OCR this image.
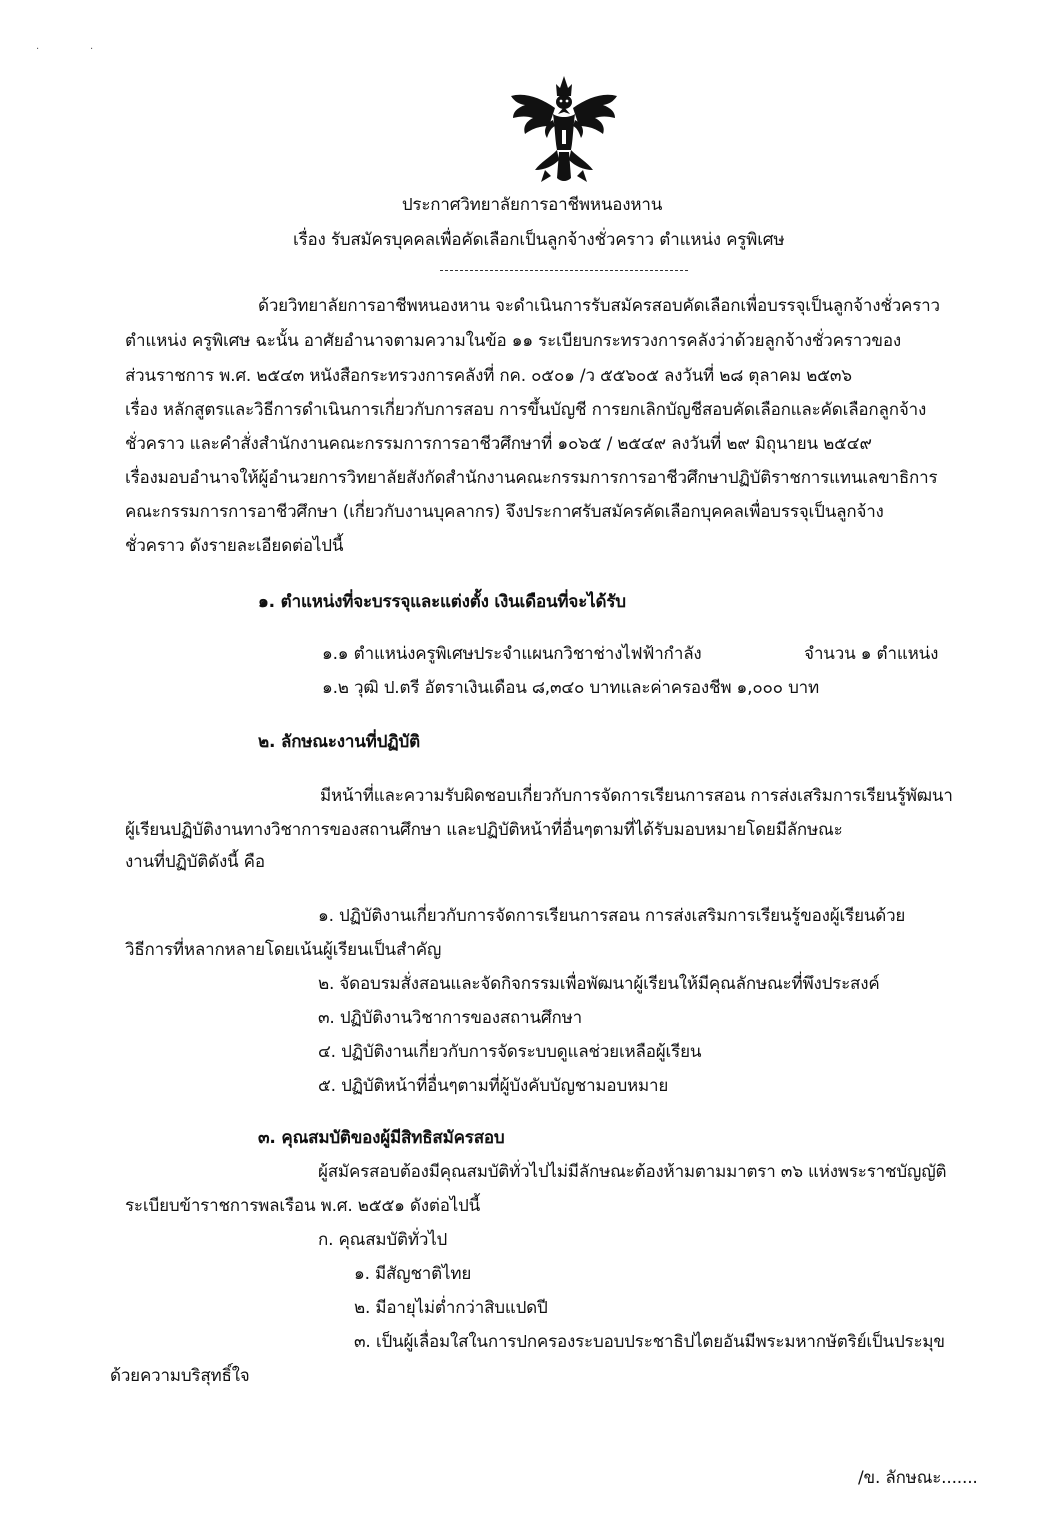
·                ·
ประกาศวิทยาลัยการอาชีพหนองหาน
เรื่อง รับสมัครบุคคลเพื่อคัดเลือกเป็นลูกจ้างชั่วคราว ตำแหน่ง ครูพิเศษ
ด้วยวิทยาลัยการอาชีพหนองหาน จะดำเนินการรับสมัครสอบคัดเลือกเพื่อบรรจุเป็นลูกจ้างชั่วคราว
ตำแหน่ง ครูพิเศษ ฉะนั้น อาศัยอำนาจตามความในข้อ ๑๑ ระเบียบกระทรวงการคลังว่าด้วยลูกจ้างชั่วคราวของ
ส่วนราชการ พ.ศ. ๒๕๔๓ หนังสือกระทรวงการคลังที่ กค. ๐๕๐๑ /ว ๕๕๖๐๕ ลงวันที่ ๒๘ ตุลาคม ๒๕๓๖
เรื่อง หลักสูตรและวิธีการดำเนินการเกี่ยวกับการสอบ การขึ้นบัญชี การยกเลิกบัญชีสอบคัดเลือกและคัดเลือกลูกจ้าง
ชั่วคราว และคำสั่งสำนักงานคณะกรรมการการอาชีวศึกษาที่ ๑๐๖๕ / ๒๕๔๙ ลงวันที่ ๒๙ มิถุนายน ๒๕๔๙
เรื่องมอบอำนาจให้ผู้อำนวยการวิทยาลัยสังกัดสำนักงานคณะกรรมการการอาชีวศึกษาปฏิบัติราชการแทนเลขาธิการ
คณะกรรมการการอาชีวศึกษา (เกี่ยวกับงานบุคลากร) จึงประกาศรับสมัครคัดเลือกบุคคลเพื่อบรรจุเป็นลูกจ้าง
ชั่วคราว ดังรายละเอียดต่อไปนี้
๑. ตำแหน่งที่จะบรรจุและแต่งตั้ง เงินเดือนที่จะได้รับ
๑.๑ ตำแหน่งครูพิเศษประจำแผนกวิชาช่างไฟฟ้ากำลัง	จำนวน ๑ ตำแหน่ง
๑.๒ วุฒิ ป.ตรี อัตราเงินเดือน ๘,๓๔๐ บาทและค่าครองชีพ ๑,๐๐๐ บาท
๒. ลักษณะงานที่ปฏิบัติ
มีหน้าที่และความรับผิดชอบเกี่ยวกับการจัดการเรียนการสอน การส่งเสริมการเรียนรู้พัฒนา
ผู้เรียนปฏิบัติงานทางวิชาการของสถานศึกษา และปฏิบัติหน้าที่อื่นๆตามที่ได้รับมอบหมายโดยมีลักษณะ
งานที่ปฏิบัติดังนี้ คือ
๑. ปฏิบัติงานเกี่ยวกับการจัดการเรียนการสอน การส่งเสริมการเรียนรู้ของผู้เรียนด้วย
วิธีการที่หลากหลายโดยเน้นผู้เรียนเป็นสำคัญ
๒. จัดอบรมสั่งสอนและจัดกิจกรรมเพื่อพัฒนาผู้เรียนให้มีคุณลักษณะที่พึงประสงค์
๓. ปฏิบัติงานวิชาการของสถานศึกษา
๔. ปฏิบัติงานเกี่ยวกับการจัดระบบดูแลช่วยเหลือผู้เรียน
๕. ปฏิบัติหน้าที่อื่นๆตามที่ผู้บังคับบัญชามอบหมาย
๓. คุณสมบัติของผู้มีสิทธิสมัครสอบ
ผู้สมัครสอบต้องมีคุณสมบัติทั่วไปไม่มีลักษณะต้องห้ามตามมาตรา ๓๖ แห่งพระราชบัญญัติ
ระเบียบข้าราชการพลเรือน พ.ศ. ๒๕๕๑ ดังต่อไปนี้
ก. คุณสมบัติทั่วไป
๑. มีสัญชาติไทย
๒. มีอายุไม่ต่ำกว่าสิบแปดปี
๓. เป็นผู้เลื่อมใสในการปกครองระบอบประชาธิปไตยอันมีพระมหากษัตริย์เป็นประมุข
ด้วยความบริสุทธิ์ใจ
/ข. ลักษณะ.......
